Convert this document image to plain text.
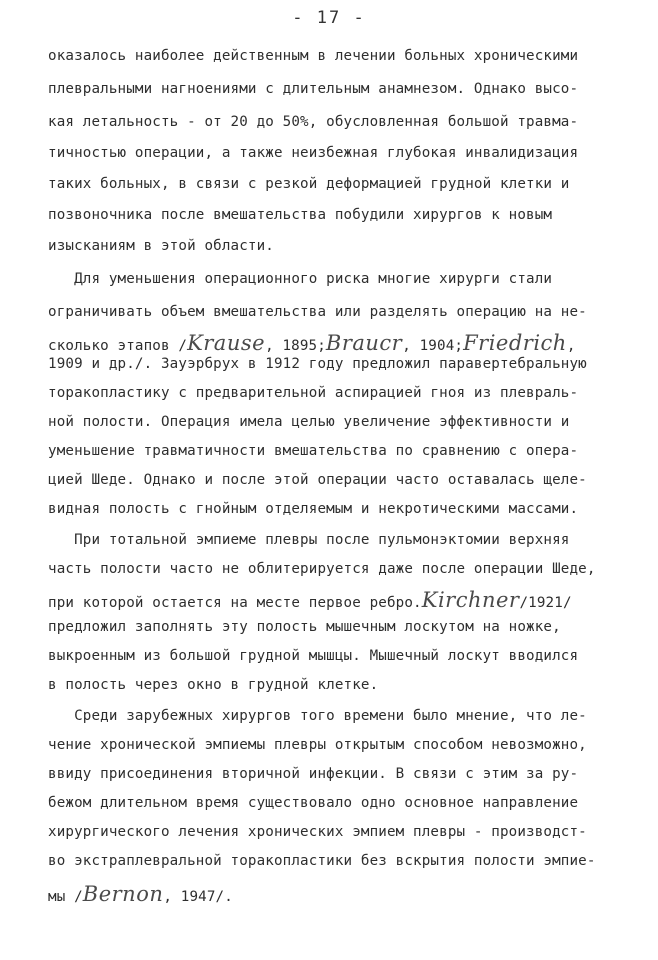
- 17 -
оказалось наиболее действенным в лечении больных хроническими
плевральными нагноениями с длительным анамнезом. Однако высо-
кая летальность - от 20 до 50%, обусловленная большой травма-
тичностью операции, а также неизбежная глубокая инвалидизация
таких больных, в связи с резкой деформацией грудной клетки и
позвоночника после вмешательства побудили хирургов к новым
изысканиям в этой области.
Для уменьшения операционного риска многие хирурги стали
ограничивать объем вмешательства или разделять операцию на не-
сколько этапов /Krause, 1895;Braucr, 1904;Friedrich,
1909 и др./. Зауэрбрух в 1912 году предложил паравертебральную
торакопластику с предварительной аспирацией гноя из плевраль-
ной полости. Операция имела целью увеличение эффективности и
уменьшение травматичности вмешательства по сравнению с опера-
цией Шеде. Однако и после этой операции часто оставалась щеле-
видная полость с гнойным отделяемым и некротическими массами.
При тотальной эмпиеме плевры после пульмонэктомии верхняя
часть полости часто не облитерируется даже после операции Шеде,
при которой остается на месте первое ребро.Kirchner/1921/
предложил заполнять эту полость мышечным лоскутом на ножке,
выкроенным из большой грудной мышцы. Мышечный лоскут вводился
в полость через окно в грудной клетке.
Среди зарубежных хирургов того времени было мнение, что ле-
чение хронической эмпиемы плевры открытым способом невозможно,
ввиду присоединения вторичной инфекции. В связи с этим за ру-
бежом длительном время существовало одно основное направление
хирургического лечения хронических эмпием плевры - производст-
во экстраплевральной торакопластики без вскрытия полости эмпие-
мы /Bernon, 1947/.
